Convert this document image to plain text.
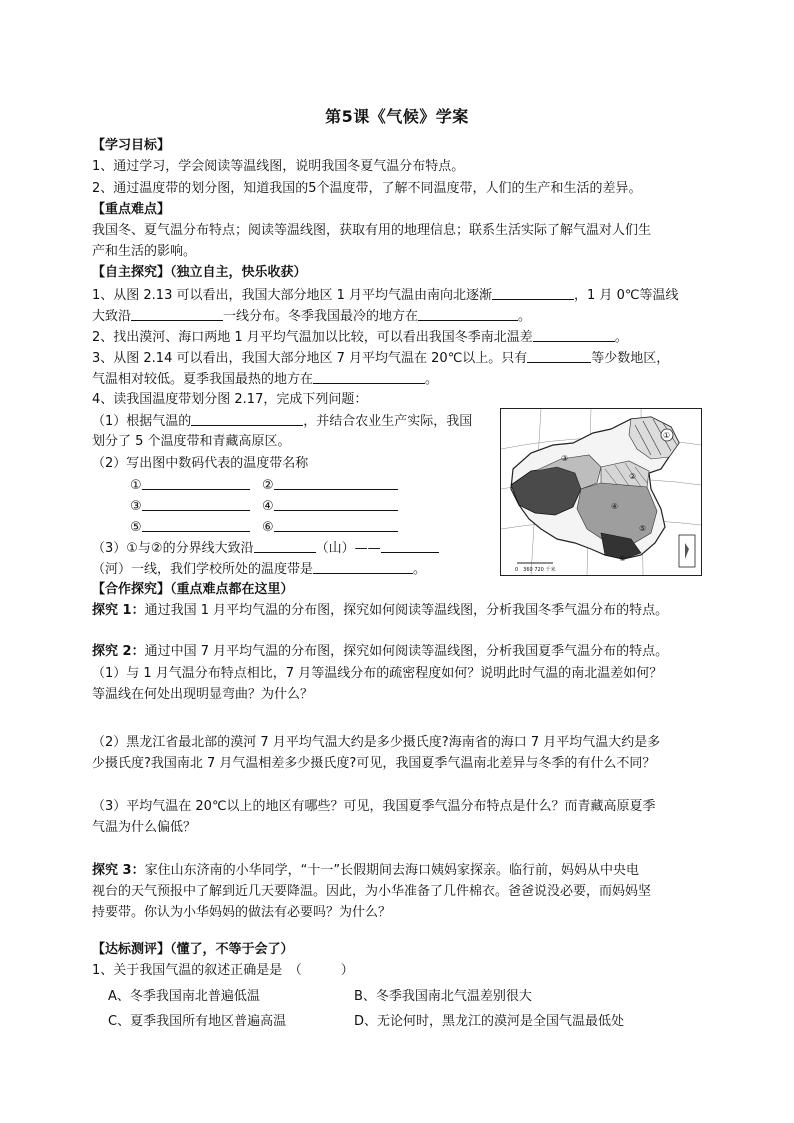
第5课《气候》学案
【学习目标】
1、通过学习，学会阅读等温线图，说明我国冬夏气温分布特点。
2、通过温度带的划分图，知道我国的5个温度带，了解不同温度带，人们的生产和生活的差异。
【重点难点】
我国冬、夏气温分布特点；阅读等温线图，获取有用的地理信息；联系生活实际了解气温对人们生
产和生活的影响。
【自主探究】（独立自主，快乐收获）
1、从图 2.13 可以看出，我国大部分地区 1 月平均气温由南向北逐渐	，1 月 0℃等温线
大致沿	一线分布。冬季我国最冷的地方在	。
2、找出漠河、海口两地 1 月平均气温加以比较，可以看出我国冬季南北温差	。
3、从图 2.14 可以看出，我国大部分地区 7 月平均气温在 20℃以上。只有	等少数地区，
气温相对较低。夏季我国最热的地方在	。
4、读我国温度带划分图 2.17，完成下列问题：
（1）根据气温的	，并结合农业生产实际，我国
划分了 5 个温度带和青藏高原区。
（2）写出图中数码代表的温度带名称
①	②
③	④
⑤	⑥
（3）①与②的分界线大致沿	（山）——
（河）一线，我们学校所处的温度带是	。	0　360 720 千米
①
②
③
④
⑤
⑥
【合作探究】（重点难点都在这里）
探究 1：通过我国 1 月平均气温的分布图，探究如何阅读等温线图，分析我国冬季气温分布的特点。
探究 2：通过中国 7 月平均气温的分布图，探究如何阅读等温线图，分析我国夏季气温分布的特点。
（1）与 1 月气温分布特点相比，7 月等温线分布的疏密程度如何？说明此时气温的南北温差如何？
等温线在何处出现明显弯曲？为什么？
（2）黑龙江省最北部的漠河 7 月平均气温大约是多少摄氏度?海南省的海口 7 月平均气温大约是多
少摄氏度?我国南北 7 月气温相差多少摄氏度?可见，我国夏季气温南北差异与冬季的有什么不同？
（3）平均气温在 20℃以上的地区有哪些？可见，我国夏季气温分布特点是什么？而青藏高原夏季
气温为什么偏低？
探究 3：家住山东济南的小华同学，“十一”长假期间去海口姨妈家探亲。临行前，妈妈从中央电
视台的天气预报中了解到近几天要降温。因此，为小华准备了几件棉衣。爸爸说没必要，而妈妈坚
持要带。你认为小华妈妈的做法有必要吗？为什么？
【达标测评】（懂了，不等于会了）
1、关于我国气温的叙述正确是是　（　　　）
A、冬季我国南北普遍低温	B、冬季我国南北气温差别很大
C、夏季我国所有地区普遍高温	D、无论何时，黑龙江的漠河是全国气温最低处
